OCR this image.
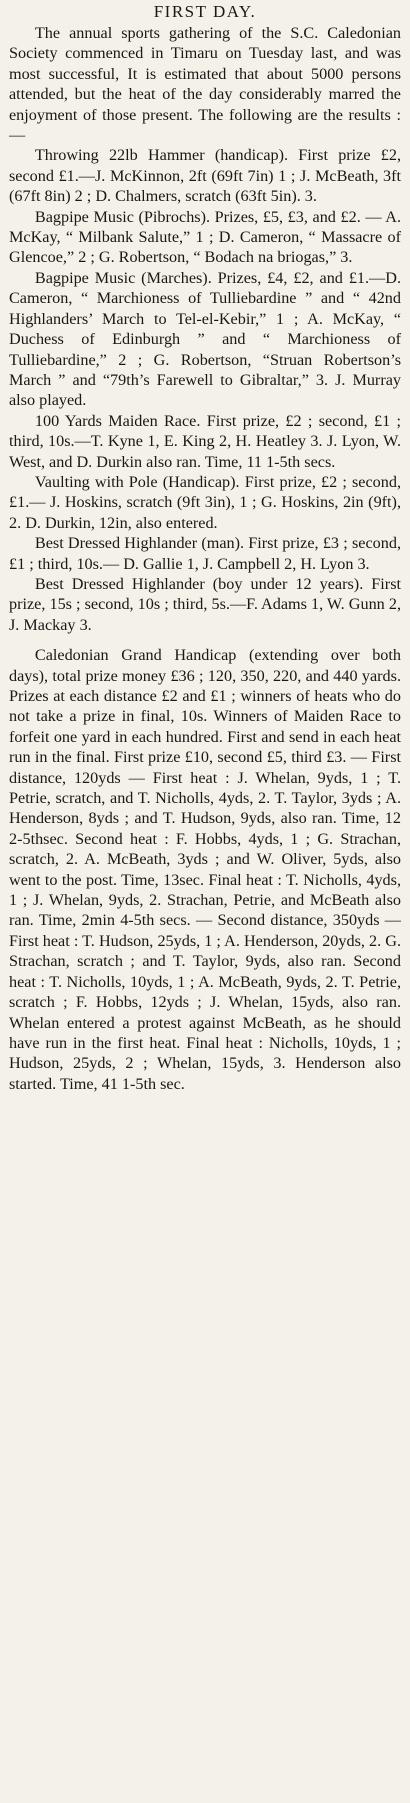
FIRST DAY.

The annual sports gathering of the S.C. Caledonian Society commenced in Timaru on Tuesday last, and was most successful, It is estimated that about 5000 persons attended, but the heat of the day considerably marred the enjoyment of those present. The following are the results :—

Throwing 22lb Hammer (handicap). First prize £2, second £1.—J. McKinnon, 2ft (69ft 7in) 1 ; J. McBeath, 3ft (67ft 8in) 2 ; D. Chalmers, scratch (63ft 5in). 3.

Bagpipe Music (Pibrochs). Prizes, £5, £3, and £2. — A. McKay, “ Milbank Salute,” 1 ; D. Cameron, “ Massacre of Glencoe,” 2 ; G. Robertson, “ Bodach na briogas,” 3.

Bagpipe Music (Marches). Prizes, £4, £2, and £1.—D. Cameron, “ Marchioness of Tulliebardine ” and “ 42nd Highlanders’ March to Tel-el-Kebir,” 1 ; A. McKay, “ Duchess of Edinburgh ” and “ Marchioness of Tulliebardine,” 2 ; G. Robertson, “Struan Robertson’s March ” and “79th’s Farewell to Gibraltar,” 3. J. Murray also played.

100 Yards Maiden Race. First prize, £2 ; second, £1 ; third, 10s.—T. Kyne 1, E. King 2, H. Heatley 3. J. Lyon, W. West, and D. Durkin also ran. Time, 11 1-5th secs.

Vaulting with Pole (Handicap). First prize, £2 ; second, £1.— J. Hoskins, scratch (9ft 3in), 1 ; G. Hoskins, 2in (9ft), 2. D. Durkin, 12in, also entered.

Best Dressed Highlander (man). First prize, £3 ; second, £1 ; third, 10s.— D. Gallie 1, J. Campbell 2, H. Lyon 3.

Best Dressed Highlander (boy under 12 years). First prize, 15s ; second, 10s ; third, 5s.—F. Adams 1, W. Gunn 2, J. Mackay 3.

Caledonian Grand Handicap (extending over both days), total prize money £36 ; 120, 350, 220, and 440 yards. Prizes at each distance £2 and £1 ; winners of heats who do not take a prize in final, 10s. Winners of Maiden Race to forfeit one yard in each hundred. First and send in each heat run in the final. First prize £10, second £5, third £3. — First distance, 120yds — First heat : J. Whelan, 9yds, 1 ; T. Petrie, scratch, and T. Nicholls, 4yds, 2. T. Taylor, 3yds ; A. Henderson, 8yds ; and T. Hudson, 9yds, also ran. Time, 12 2-5thsec. Second heat : F. Hobbs, 4yds, 1 ; G. Strachan, scratch, 2. A. McBeath, 3yds ; and W. Oliver, 5yds, also went to the post. Time, 13sec. Final heat : T. Nicholls, 4yds, 1 ; J. Whelan, 9yds, 2. Strachan, Petrie, and McBeath also ran. Time, 2min 4-5th secs. — Second distance, 350yds —First heat : T. Hudson, 25yds, 1 ; A. Henderson, 20yds, 2. G. Strachan, scratch ; and T. Taylor, 9yds, also ran. Second heat : T. Nicholls, 10yds, 1 ; A. McBeath, 9yds, 2. T. Petrie, scratch ; F. Hobbs, 12yds ; J. Whelan, 15yds, also ran. Whelan entered a protest against McBeath, as he should have run in the first heat. Final heat : Nicholls, 10yds, 1 ; Hudson, 25yds, 2 ; Whelan, 15yds, 3. Henderson also started. Time, 41 1-5th sec.
